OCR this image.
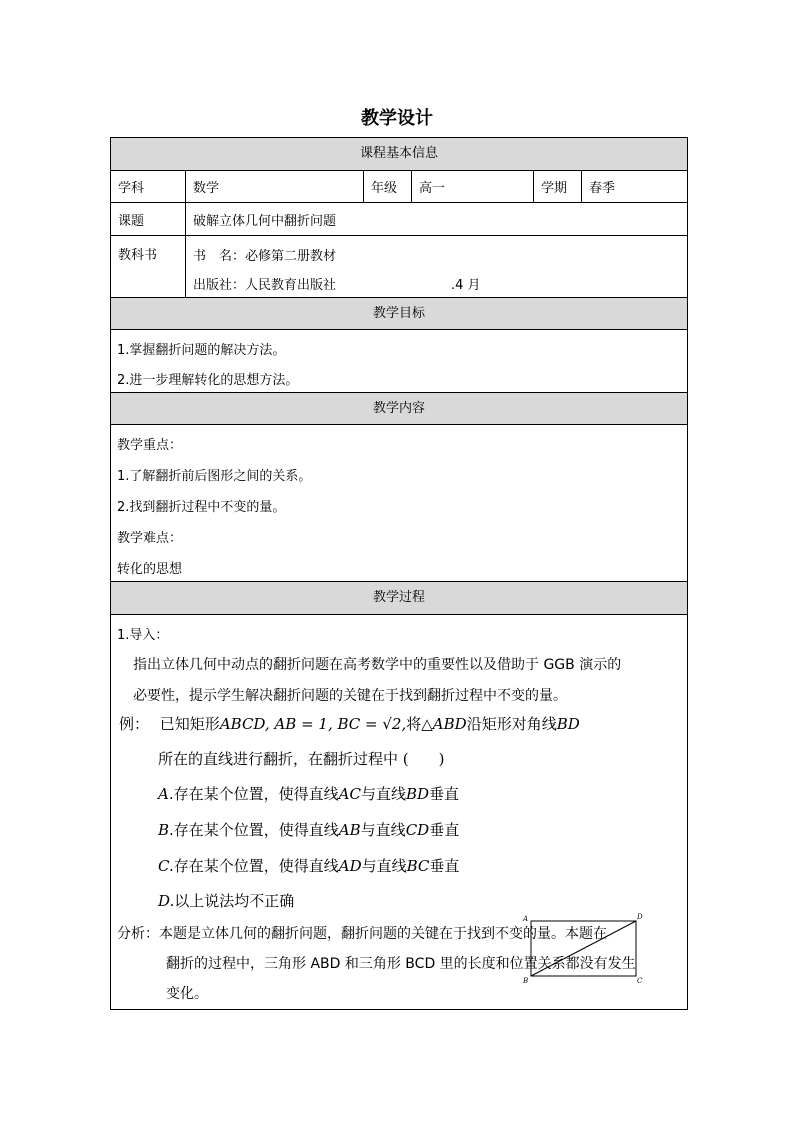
教学设计
课程基本信息
学科	数学	年级	高一	学期	春季
课题	破解立体几何中翻折问题
教科书	书　名：必修第二册教材
出版社：人民教育出版社	.4 月
教学目标
1.掌握翻折问题的解决方法。
2.进一步理解转化的思想方法。
教学内容
教学重点：
1.了解翻折前后图形之间的关系。
2.找到翻折过程中不变的量。
教学难点：
转化的思想
教学过程
1.导入：
指出立体几何中动点的翻折问题在高考数学中的重要性以及借助于 GGB 演示的
必要性，提示学生解决翻折问题的关键在于找到翻折过程中不变的量。
例： 已知矩形ABCD, AB = 1, BC = √2,将△ABD沿矩形对角线BD
所在的直线进行翻折，在翻折过程中 (　　)
A.存在某个位置，使得直线AC与直线BD垂直
B.存在某个位置，使得直线AB与直线CD垂直
C.存在某个位置，使得直线AD与直线BC垂直
D.以上说法均不正确
A	D
B	C
分析：本题是立体几何的翻折问题，翻折问题的关键在于找到不变的量。本题在
翻折的过程中，三角形 ABD 和三角形 BCD 里的长度和位置关系都没有发生
变化。
